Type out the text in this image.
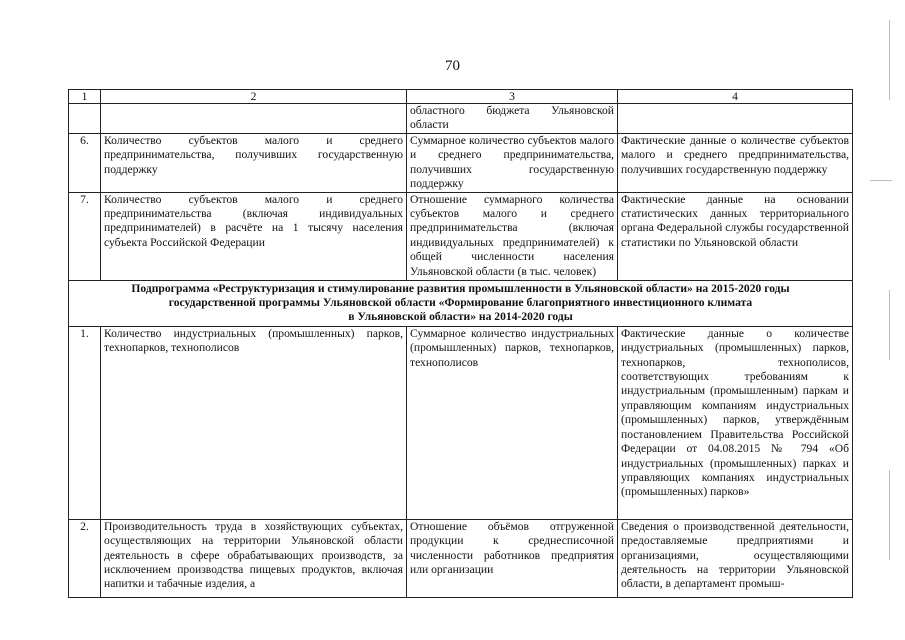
70
1	2	3	4
		областного бюджета Ульяновской области	
6.	Количество субъектов малого и среднего предпринимательства, получивших государственную поддержку	Суммарное количество субъектов малого и среднего предпринимательства, получивших государственную поддержку	Фактические данные о количестве субъектов малого и среднего предпринимательства, получивших государственную поддержку
7.	Количество субъектов малого и среднего предпринимательства (включая индивидуальных предпринимателей) в расчёте на 1 тысячу населения субъекта Российской Федерации	Отношение суммарного количества субъектов малого и среднего предпринимательства (включая индивидуальных предпринимателей) к общей численности населения Ульяновской области (в тыс. человек)	Фактические данные на основании статистических данных территориального органа Федеральной службы государственной статистики по Ульяновской области

Подпрограмма «Реструктуризация и стимулирование развития промышленности в Ульяновской области» на 2015-2020 годы
государственной программы Ульяновской области «Формирование благоприятного инвестиционного климата
в Ульяновской области» на 2014-2020 годы			

1.	Количество индустриальных (промышленных) парков, технопарков, технополисов	Суммарное количество индустриальных (промышленных) парков, технопарков, технополисов	Фактические данные о количестве индустриальных (промышленных) парков, технопарков, технополисов, соответствующих требованиям к индустриальным (промышленным) паркам и управляющим компаниям индустриальных (промышленных) парков, утверждённым постановлением Правительства Российской Федерации от 04.08.2015 № 794 «Об индустриальных (промышленных) парках и управляющих компаниях индустриальных (промышленных) парков»
2.	Производительность труда в хозяйствующих субъектах, осуществляющих на территории Ульяновской области деятельность в сфере обрабатывающих производств, за исключением производства пищевых продуктов, включая напитки и табачные изделия, а	Отношение объёмов отгруженной продукции к среднесписочной численности работников предприятия или организации	Сведения о производственной деятельности, предоставляемые предприятиями и организациями, осуществляющими деятельность на территории Ульяновской области, в департамент промыш-
